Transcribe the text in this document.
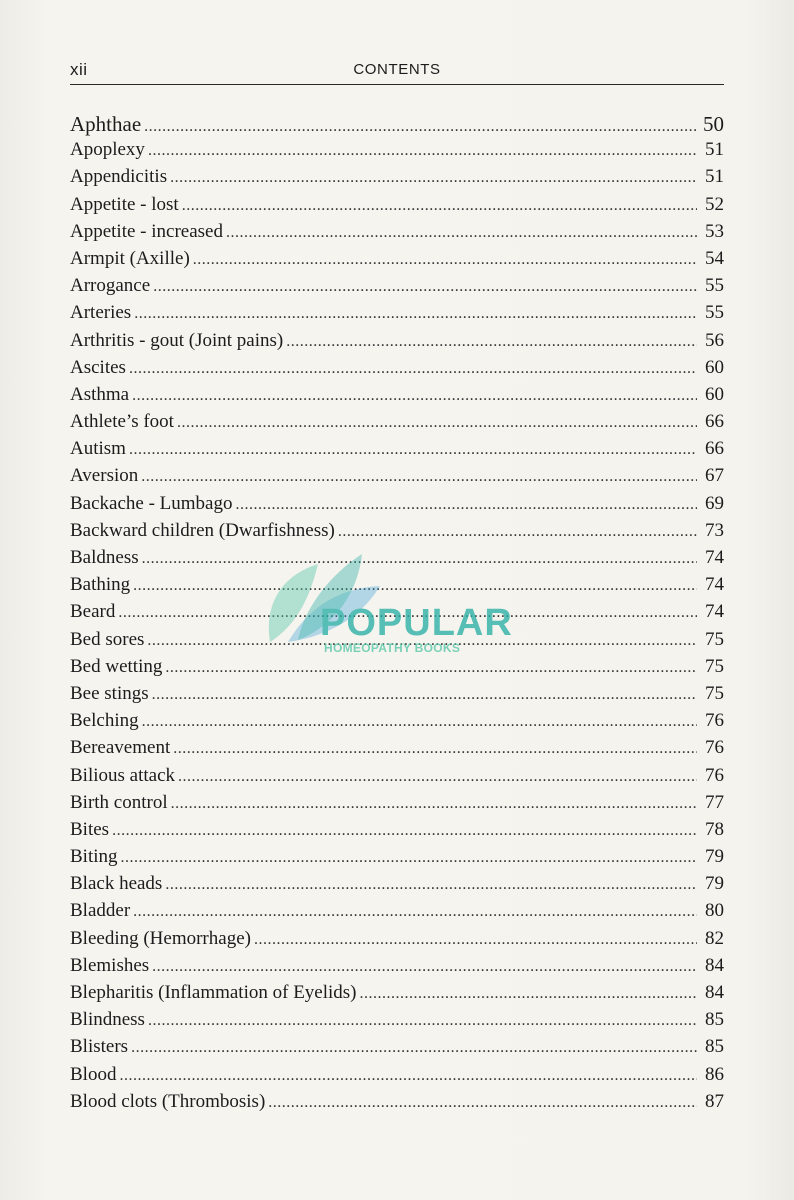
xii	CONTENTS
Aphthae .....	50
Apoplexy .....	51
Appendicitis .....	51
Appetite - lost .....	52
Appetite - increased .....	53
Armpit (Axille) .....	54
Arrogance .....	55
Arteries .....	55
Arthritis - gout (Joint pains) .....	56
Ascites .....	60
Asthma .....	60
Athlete’s foot .....	66
Autism .....	66
Aversion .....	67
Backache - Lumbago .....	69
Backward children (Dwarfishness) .....	73
Baldness .....	74
Bathing .....	74
Beard .....	74
Bed sores .....	75
Bed wetting .....	75
Bee stings .....	75
Belching .....	76
Bereavement .....	76
Bilious attack .....	76
Birth control .....	77
Bites .....	78
Biting .....	79
Black heads .....	79
Bladder .....	80
Bleeding (Hemorrhage) .....	82
Blemishes .....	84
Blepharitis (Inflammation of Eyelids) .....	84
Blindness .....	85
Blisters .....	85
Blood .....	86
Blood clots (Thrombosis) .....	87
POPULAR
HOMEOPATHY BOOKS
